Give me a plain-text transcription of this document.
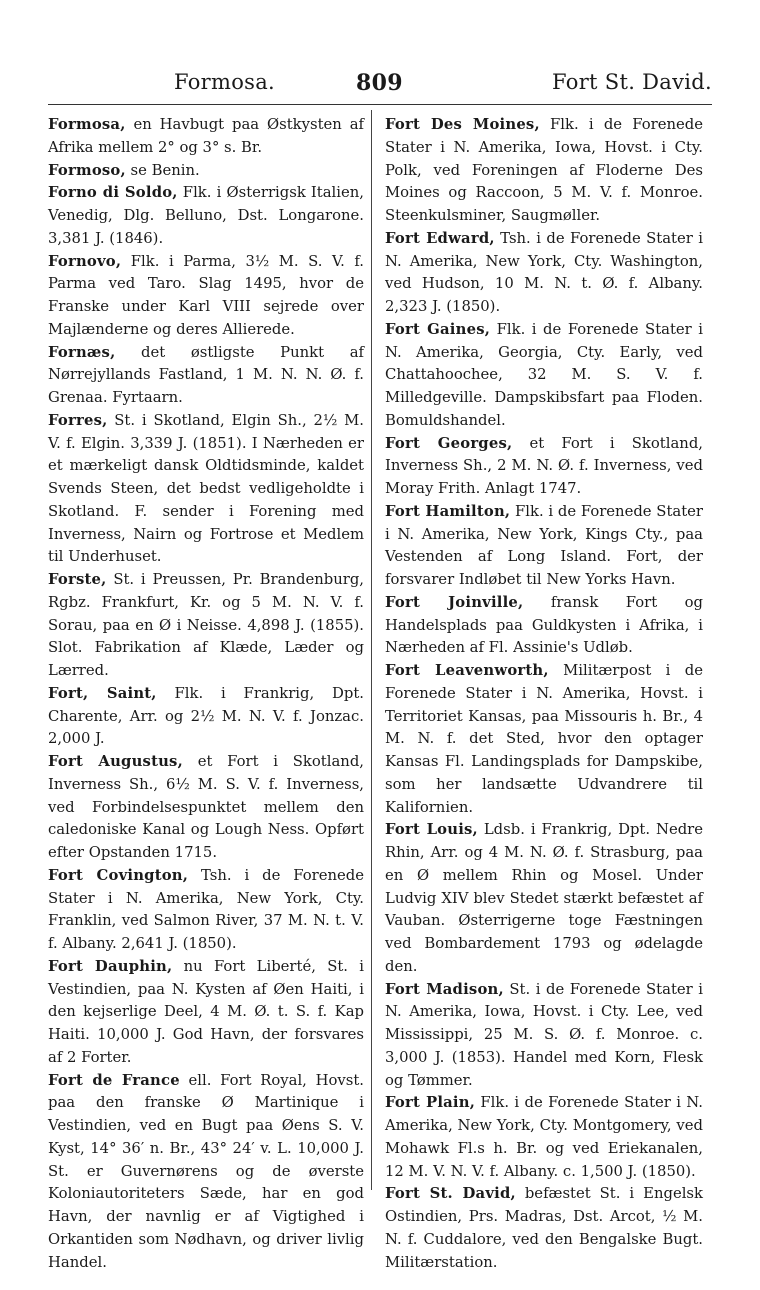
Formosa.	809	Fort St. David.

Formosa, en Havbugt paa Østkysten af Afrika mellem 2° og 3° s. Br.

Formoso, se Benin.

Forno di Soldo, Flk. i Østerrigsk Italien, Venedig, Dlg. Belluno, Dst. Longarone. 3,381 J. (1846).

Fornovo, Flk. i Parma, 3½ M. S. V. f. Parma ved Taro. Slag 1495, hvor de Franske under Karl VIII sejrede over Majlænderne og deres Allierede.

Fornæs, det østligste Punkt af Nørrejyllands Fastland, 1 M. N. N. Ø. f. Grenaa. Fyrtaarn.

Forres, St. i Skotland, Elgin Sh., 2½ M. V. f. Elgin. 3,339 J. (1851). I Nærheden er et mærkeligt dansk Oldtidsminde, kaldet Svends Steen, det bedst vedligeholdte i Skotland. F. sender i Forening med Inverness, Nairn og Fortrose et Medlem til Underhuset.

Forste, St. i Preussen, Pr. Brandenburg, Rgbz. Frankfurt, Kr. og 5 M. N. V. f. Sorau, paa en Ø i Neisse. 4,898 J. (1855). Slot. Fabrikation af Klæde, Læder og Lærred.

Fort, Saint, Flk. i Frankrig, Dpt. Charente, Arr. og 2½ M. N. V. f. Jonzac. 2,000 J.

Fort Augustus, et Fort i Skotland, Inverness Sh., 6½ M. S. V. f. Inverness, ved Forbindelsespunktet mellem den caledoniske Kanal og Lough Ness. Opført efter Opstanden 1715.

Fort Covington, Tsh. i de Forenede Stater i N. Amerika, New York, Cty. Franklin, ved Salmon River, 37 M. N. t. V. f. Albany. 2,641 J. (1850).

Fort Dauphin, nu Fort Liberté, St. i Vestindien, paa N. Kysten af Øen Haiti, i den kejserlige Deel, 4 M. Ø. t. S. f. Kap Haiti. 10,000 J. God Havn, der forsvares af 2 Forter.

Fort de France ell. Fort Royal, Hovst. paa den franske Ø Martinique i Vestindien, ved en Bugt paa Øens S. V. Kyst, 14° 36′ n. Br., 43° 24′ v. L. 10,000 J. St. er Guvernørens og de øverste Koloniautoriteters Sæde, har en god Havn, der navnlig er af Vigtighed i Orkantiden som Nødhavn, og driver livlig Handel.

Fort Des Moines, Flk. i de Forenede Stater i N. Amerika, Iowa, Hovst. i Cty. Polk, ved Foreningen af Floderne Des Moines og Raccoon, 5 M. V. f. Monroe. Steenkulsminer, Saugmøller.

Fort Edward, Tsh. i de Forenede Stater i N. Amerika, New York, Cty. Washington, ved Hudson, 10 M. N. t. Ø. f. Albany. 2,323 J. (1850).

Fort Gaines, Flk. i de Forenede Stater i N. Amerika, Georgia, Cty. Early, ved Chattahoochee, 32 M. S. V. f. Milledgeville. Dampskibsfart paa Floden. Bomuldshandel.

Fort Georges, et Fort i Skotland, Inverness Sh., 2 M. N. Ø. f. Inverness, ved Moray Frith. Anlagt 1747.

Fort Hamilton, Flk. i de Forenede Stater i N. Amerika, New York, Kings Cty., paa Vestenden af Long Island. Fort, der forsvarer Indløbet til New Yorks Havn.

Fort Joinville, fransk Fort og Handelsplads paa Guldkysten i Afrika, i Nærheden af Fl. Assinie's Udløb.

Fort Leavenworth, Militærpost i de Forenede Stater i N. Amerika, Hovst. i Territoriet Kansas, paa Missouris h. Br., 4 M. N. f. det Sted, hvor den optager Kansas Fl. Landingsplads for Dampskibe, som her landsætte Udvandrere til Kalifornien.

Fort Louis, Ldsb. i Frankrig, Dpt. Nedre Rhin, Arr. og 4 M. N. Ø. f. Strasburg, paa en Ø mellem Rhin og Mosel. Under Ludvig XIV blev Stedet stærkt befæstet af Vauban. Østerrigerne toge Fæstningen ved Bombardement 1793 og ødelagde den.

Fort Madison, St. i de Forenede Stater i N. Amerika, Iowa, Hovst. i Cty. Lee, ved Mississippi, 25 M. S. Ø. f. Monroe. c. 3,000 J. (1853). Handel med Korn, Flesk og Tømmer.

Fort Plain, Flk. i de Forenede Stater i N. Amerika, New York, Cty. Montgomery, ved Mohawk Fl.s h. Br. og ved Eriekanalen, 12 M. V. N. V. f. Albany. c. 1,500 J. (1850).

Fort St. David, befæstet St. i Engelsk Ostindien, Prs. Madras, Dst. Arcot, ½ M. N. f. Cuddalore, ved den Bengalske Bugt. Militærstation.
